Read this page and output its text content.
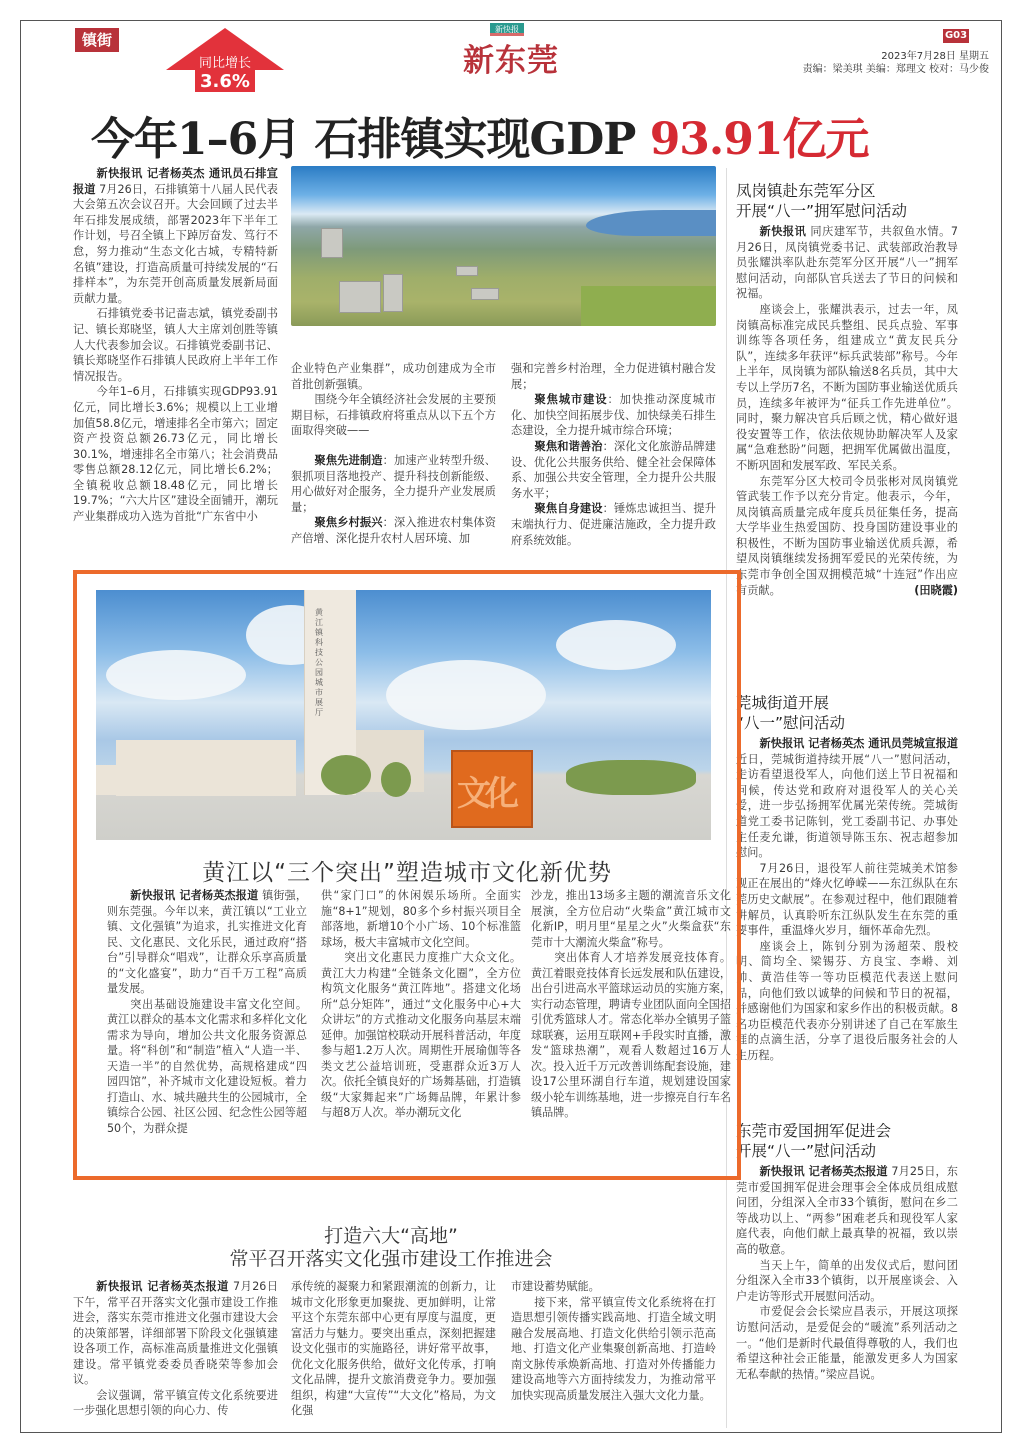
镇街
同比增长
3.6%
新快报
新东莞
G03
2023年7月28日 星期五
责编：梁美琪 美编：郑理文 校对：马少俊
今年1–6月 石排镇实现GDP 93.91亿元

新快报讯 记者杨英杰 通讯员石排宣报道 7月26日，石排镇第十八届人民代表大会第五次会议召开。大会回顾了过去半年石排发展成绩，部署2023年下半年工作计划，号召全镇上下踔厉奋发、笃行不怠，努力推动“生态文化古城，专精特新名镇”建设，打造高质量可持续发展的“石排样本”，为东莞开创高质量发展新局面贡献力量。

石排镇党委书记啬志斌，镇党委副书记、镇长郑晓坚，镇人大主席刘创胜等镇人大代表参加会议。石排镇党委副书记、镇长郑晓坚作石排镇人民政府上半年工作情况报告。

今年1–6月，石排镇实现GDP93.91亿元，同比增长3.6%；规模以上工业增加值58.8亿元，增速排名全市第六；固定资产投资总额26.73亿元，同比增长30.1%，增速排名全市第八；社会消费品零售总额28.12亿元，同比增长6.2%；全镇税收总额18.48亿元，同比增长19.7%；“六大片区”建设全面铺开，潮玩产业集群成功入选为首批“广东省中小

企业特色产业集群”，成功创建成为全市首批创新强镇。

围绕今年全镇经济社会发展的主要预期目标，石排镇政府将重点从以下五个方面取得突破——

聚焦先进制造：加速产业转型升级、狠抓项目落地投产、提升科技创新能级、用心做好对企服务，全力提升产业发展质量；

聚焦乡村振兴：深入推进农村集体资产倍增、深化提升农村人居环境、加

强和完善乡村治理，全力促进镇村融合发展；

聚焦城市建设：加快推动深度城市化、加快空间拓展步伐、加快绿美石排生态建设，全力提升城市综合环境；

聚焦和谐善治：深化文化旅游品牌建设、优化公共服务供给、健全社会保障体系、加强公共安全管理，全力提升公共服务水平；

聚焦自身建设：锤炼忠诚担当、提升末端执行力、促进廉洁施政，全力提升政府系统效能。

凤岗镇赴东莞军分区
开展“八一”拥军慰问活动

新快报讯 同庆建军节，共叙鱼水情。7月26日，凤岗镇党委书记、武装部政治教导员张耀洪率队赴东莞军分区开展“八一”拥军慰问活动，向部队官兵送去了节日的问候和祝福。

座谈会上，张耀洪表示，过去一年，凤岗镇高标准完成民兵整组、民兵点验、军事训练等各项任务，组建成立“黄友民兵分队”，连续多年获评“标兵武装部”称号。今年上半年，凤岗镇为部队输送8名兵员，其中大专以上学历7名，不断为国防事业输送优质兵员，连续多年被评为“征兵工作先进单位”。同时，聚力解决官兵后顾之忧，精心做好退役安置等工作，依法依规协助解决军人及家属“急难愁盼”问题，把拥军优属做出温度，不断巩固和发展军政、军民关系。

东莞军分区大校司令员张彬对凤岗镇党管武装工作予以充分肯定。他表示，今年，凤岗镇高质量完成年度兵员征集任务，提高大学毕业生热爱国防、投身国防建设事业的积极性，不断为国防事业输送优质兵源，希望凤岗镇继续发扬拥军爱民的光荣传统，为东莞市争创全国双拥模范城“十连冠”作出应有贡献。	(田晓霞)

莞城街道开展
“八一”慰问活动

新快报讯 记者杨英杰 通讯员莞城宣报道 近日，莞城街道持续开展“八一”慰问活动，走访看望退役军人，向他们送上节日祝福和问候，传达党和政府对退役军人的关心关爱，进一步弘扬拥军优属光荣传统。莞城街道党工委书记陈钊，党工委副书记、办事处主任麦允谦，街道领导陈玉东、祝志超参加慰问。

7月26日，退役军人前往莞城美术馆参观正在展出的“烽火忆峥嵘——东江纵队在东莞历史文献展”。在参观过程中，他们跟随着讲解员，认真聆听东江纵队发生在东莞的重要事件，重温烽火岁月，缅怀革命先烈。

座谈会上，陈钊分别为汤超荣、殷校明、简均全、梁锡芬、方良宝、李崻、刘帅、黄浩佳等一等功臣模范代表送上慰问品，向他们致以诚挚的问候和节日的祝福，并感谢他们为国家和家乡作出的积极贡献。8名功臣模范代表亦分别讲述了自己在军旅生涯的点滴生活，分享了退役后服务社会的人生历程。

东莞市爱国拥军促进会
开展“八一”慰问活动

新快报讯 记者杨英杰报道 7月25日，东莞市爱国拥军促进会理事会全体成员组成慰问团，分组深入全市33个镇街，慰问在乡二等战功以上、“两参”困难老兵和现役军人家庭代表，向他们献上最真挚的祝福，致以崇高的敬意。

当天上午，简单的出发仪式后，慰问团分组深入全市33个镇街，以开展座谈会、入户走访等形式开展慰问活动。

市爱促会会长梁应昌表示，开展这项探访慰问活动，是爱促会的“暖流”系列活动之一。“他们是新时代最值得尊敬的人，我们也希望这种社会正能量，能激发更多人为国家无私奉献的热情。”梁应昌说。

黄江镇科技公园城市展厅
文化
黄江以“三个突出”塑造城市文化新优势

新快报讯 记者杨英杰报道 镇街强，则东莞强。今年以来，黄江镇以“工业立镇、文化强镇”为追求，扎实推进文化育民、文化惠民、文化乐民，通过政府“搭台”引导群众“唱戏”，让群众乐享高质量的“文化盛宴”，助力“百千万工程”高质量发展。

突出基础设施建设丰富文化空间。黄江以群众的基本文化需求和多样化文化需求为导向，增加公共文化服务资源总量。将“科创”和“制造”植入“人造一半、天造一半”的自然优势，高规格建成“四园四馆”，补齐城市文化建设短板。着力打造山、水、城共融共生的公园城市，全镇综合公园、社区公园、纪念性公园等超50个，为群众提

供“家门口”的休闲娱乐场所。全面实施“8+1”规划，80多个乡村振兴项目全部落地，新增10个小广场、10个标准篮球场，极大丰富城市文化空间。

突出文化惠民力度推广大众文化。黄江大力构建“全链条文化圈”，全方位构筑文化服务“黄江阵地”。搭建文化场所“总分矩阵”，通过“文化服务中心+大众讲坛”的方式推动文化服务向基层末端延伸。加强馆校联动开展科普活动，年度参与超1.2万人次。周期性开展瑜伽等各类文艺公益培训班，受惠群众近3万人次。依托全镇良好的广场舞基础，打造镇级“大家舞起来”广场舞品牌，年累计参与超8万人次。举办潮玩文化

沙龙，推出13场多主题的潮流音乐文化展演，全方位启动“火柴盒”黄江城市文化新IP，明月里“星星之火”火柴盒获“东莞市十大潮流火柴盒”称号。

突出体育人才培养发展竞技体育。黄江着眼竞技体育长远发展和队伍建设，出台引进高水平篮球运动员的实施方案，实行动态管理，聘请专业团队面向全国招引优秀篮球人才。常态化举办全镇男子篮球联赛，运用互联网+手段实时直播，激发“篮球热潮”，观看人数超过16万人次。投入近千万元改善训练配套设施，建设17公里环湖自行车道，规划建设国家级小轮车训练基地，进一步擦亮自行车名镇品牌。

打造六大“高地”
常平召开落实文化强市建设工作推进会

新快报讯 记者杨英杰报道 7月26日下午，常平召开落实文化强市建设工作推进会，落实东莞市推进文化强市建设大会的决策部署，详细部署下阶段文化强镇建设各项工作，高标准高质量推进文化强镇建设。常平镇党委委员香晓荣等参加会议。

会议强调，常平镇宣传文化系统要进一步强化思想引领的向心力、传

承传统的凝聚力和紧跟潮流的创新力，让城市文化形象更加聚拢、更加鲜明，让常平这个东莞东部中心更有厚度与温度，更富活力与魅力。要突出重点，深刻把握建设文化强市的实施路径，讲好常平故事，优化文化服务供给，做好文化传承，打响文化品牌，提升文旅消费竞争力。要加强组织，构建“大宣传”“大文化”格局，为文化强

市建设蓄势赋能。

接下来，常平镇宣传文化系统将在打造思想引领传播实践高地、打造全域文明融合发展高地、打造文化供给引领示范高地、打造文化产业集聚创新高地、打造岭南文脉传承焕新高地、打造对外传播能力建设高地等六方面持续发力，为推动常平加快实现高质量发展注入强大文化力量。
